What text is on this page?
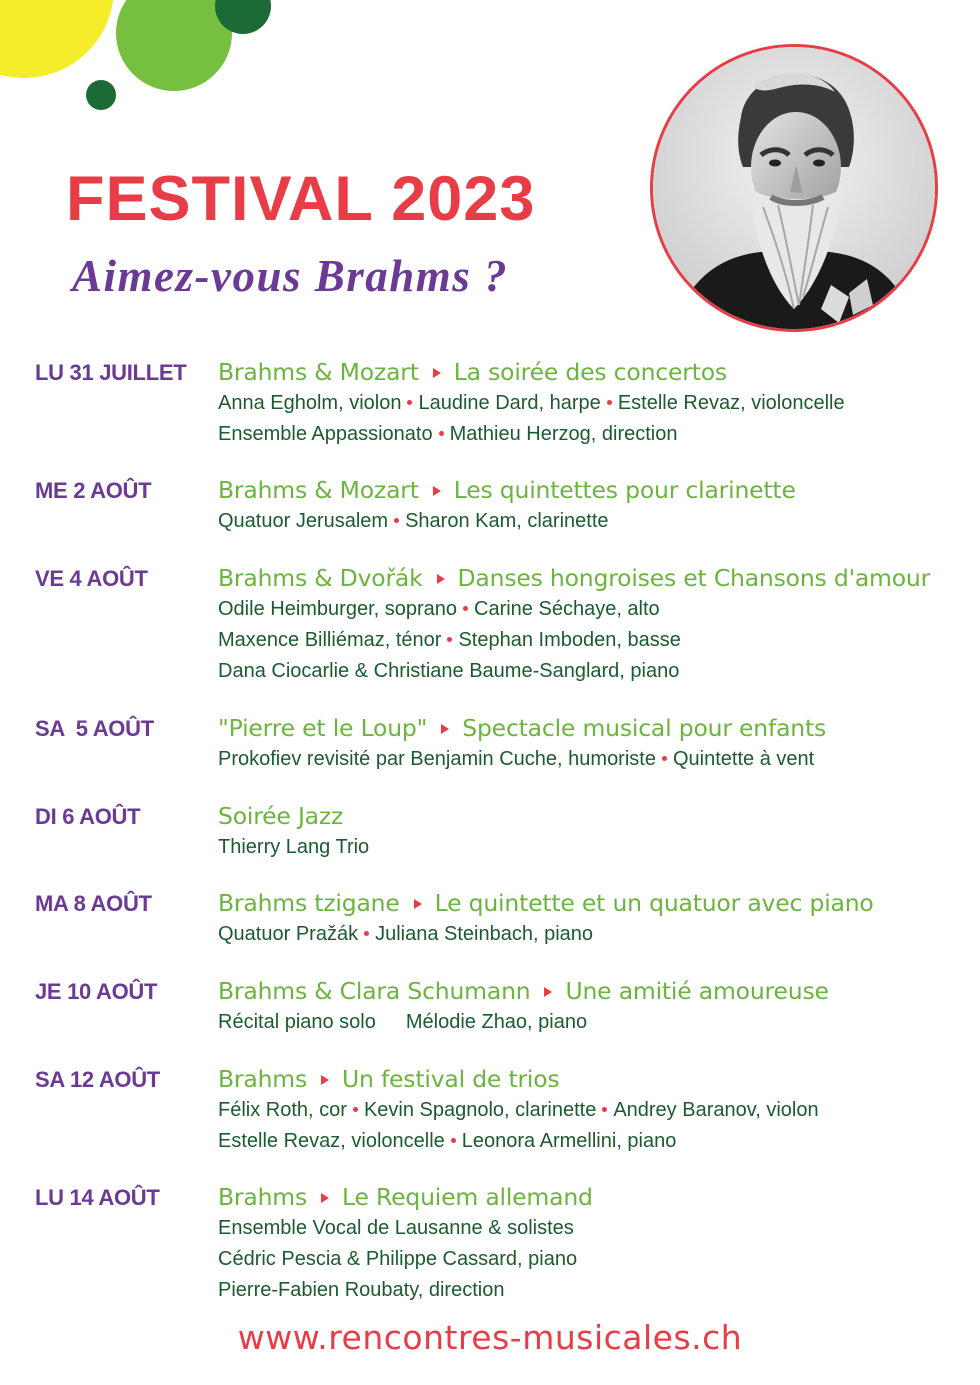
FESTIVAL 2023
Aimez-vous Brahms ?
LU 31 JUILLET Brahms & Mozart La soirée des concertos
Anna Egholm, violon Laudine Dard, harpe Estelle Revaz, violoncelle
Ensemble Appassionato Mathieu Herzog, direction
ME 2 AOÛT	Brahms & Mozart Les quintettes pour clarinette
Quatuor Jerusalem Sharon Kam, clarinette
VE 4 AOÛT	Brahms & Dvořák Danses hongroises et Chansons d'amour
Odile Heimburger, soprano Carine Séchaye, alto
Maxence Billiémaz, ténor Stephan Imboden, basse
Dana Ciocarlie & Christiane Baume-Sanglard, piano
SA  5 AOÛT	"Pierre et le Loup" Spectacle musical pour enfants
Prokofiev revisité par Benjamin Cuche, humoriste Quintette à vent
DI 6 AOÛT	Soirée Jazz
Thierry Lang Trio
MA 8 AOÛT	Brahms tzigane Le quintette et un quatuor avec piano
Quatuor Pražák Juliana Steinbach, piano
JE 10 AOÛT	Brahms & Clara Schumann Une amitié amoureuse
Récital piano solo Mélodie Zhao, piano
SA 12 AOÛT Brahms Un festival de trios
Félix Roth, cor Kevin Spagnolo, clarinette Andrey Baranov, violon
Estelle Revaz, violoncelle Leonora Armellini, piano
LU 14 AOÛT Brahms Le Requiem allemand
Ensemble Vocal de Lausanne & solistes
Cédric Pescia & Philippe Cassard, piano
Pierre-Fabien Roubaty, direction

www.rencontres-musicales.ch
